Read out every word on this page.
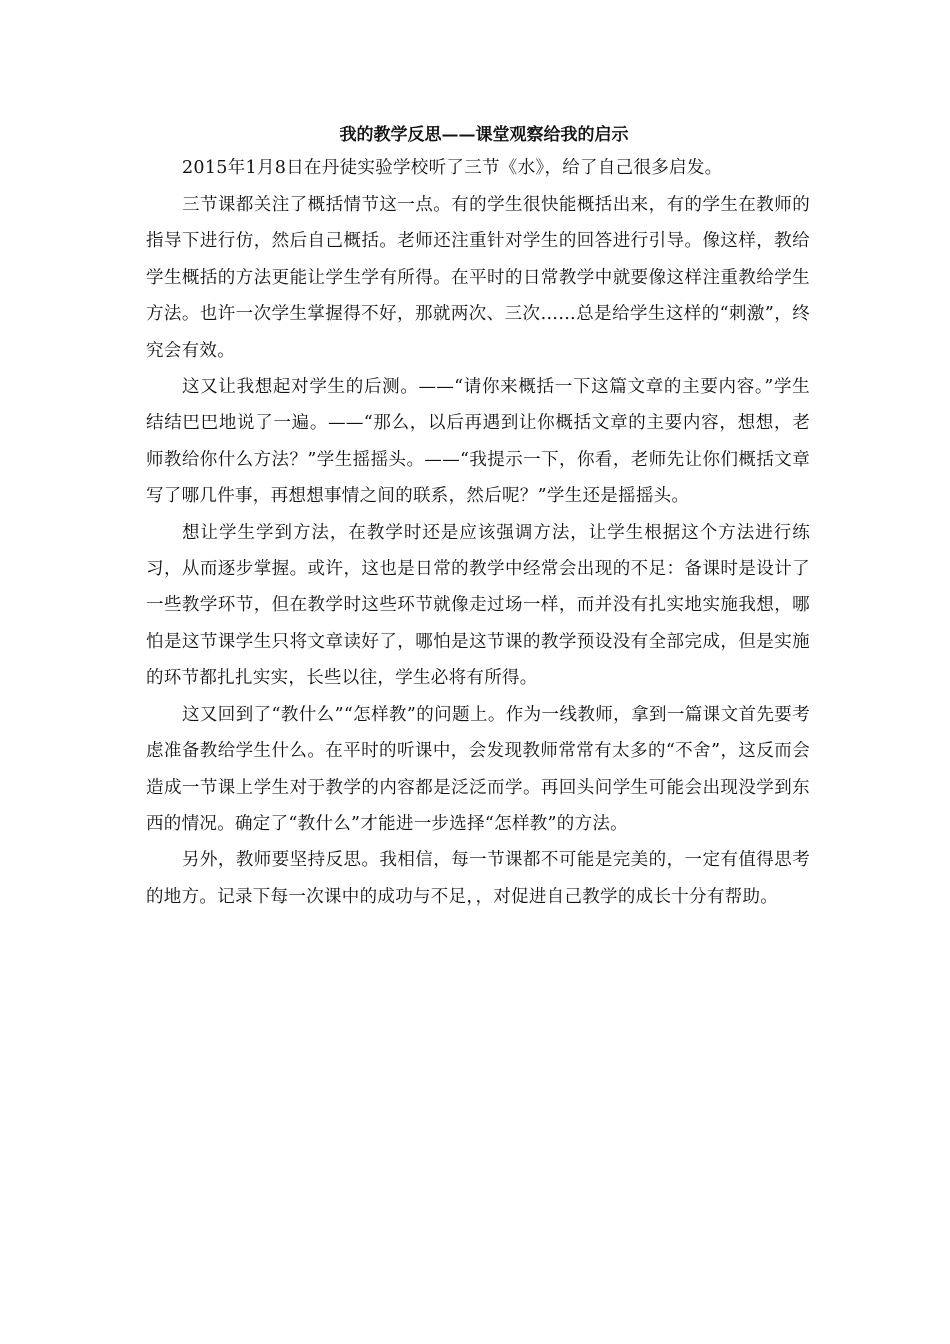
我的教学反思——课堂观察给我的启示

2015年1月8日在丹徒实验学校听了三节《水》，给了自己很多启发。

三节课都关注了概括情节这一点。有的学生很快能概括出来，有的学生在教师的指导下进行仿，然后自己概括。老师还注重针对学生的回答进行引导。像这样，教给学生概括的方法更能让学生学有所得。在平时的日常教学中就要像这样注重教给学生方法。也许一次学生掌握得不好，那就两次、三次……总是给学生这样的“刺激”，终究会有效。

这又让我想起对学生的后测。——“请你来概括一下这篇文章的主要内容。”学生结结巴巴地说了一遍。——“那么，以后再遇到让你概括文章的主要内容，想想，老师教给你什么方法？”学生摇摇头。——“我提示一下，你看，老师先让你们概括文章写了哪几件事，再想想事情之间的联系，然后呢？”学生还是摇摇头。

想让学生学到方法，在教学时还是应该强调方法，让学生根据这个方法进行练习，从而逐步掌握。或许，这也是日常的教学中经常会出现的不足：备课时是设计了一些教学环节，但在教学时这些环节就像走过场一样，而并没有扎实地实施我想，哪怕是这节课学生只将文章读好了，哪怕是这节课的教学预设没有全部完成，但是实施的环节都扎扎实实，长些以往，学生必将有所得。

这又回到了“教什么”“怎样教”的问题上。作为一线教师，拿到一篇课文首先要考虑准备教给学生什么。在平时的听课中，会发现教师常常有太多的“不舍”，这反而会造成一节课上学生对于教学的内容都是泛泛而学。再回头问学生可能会出现没学到东西的情况。确定了“教什么”才能进一步选择“怎样教”的方法。

另外，教师要坚持反思。我相信，每一节课都不可能是完美的，一定有值得思考的地方。记录下每一次课中的成功与不足，，对促进自己教学的成长十分有帮助。
